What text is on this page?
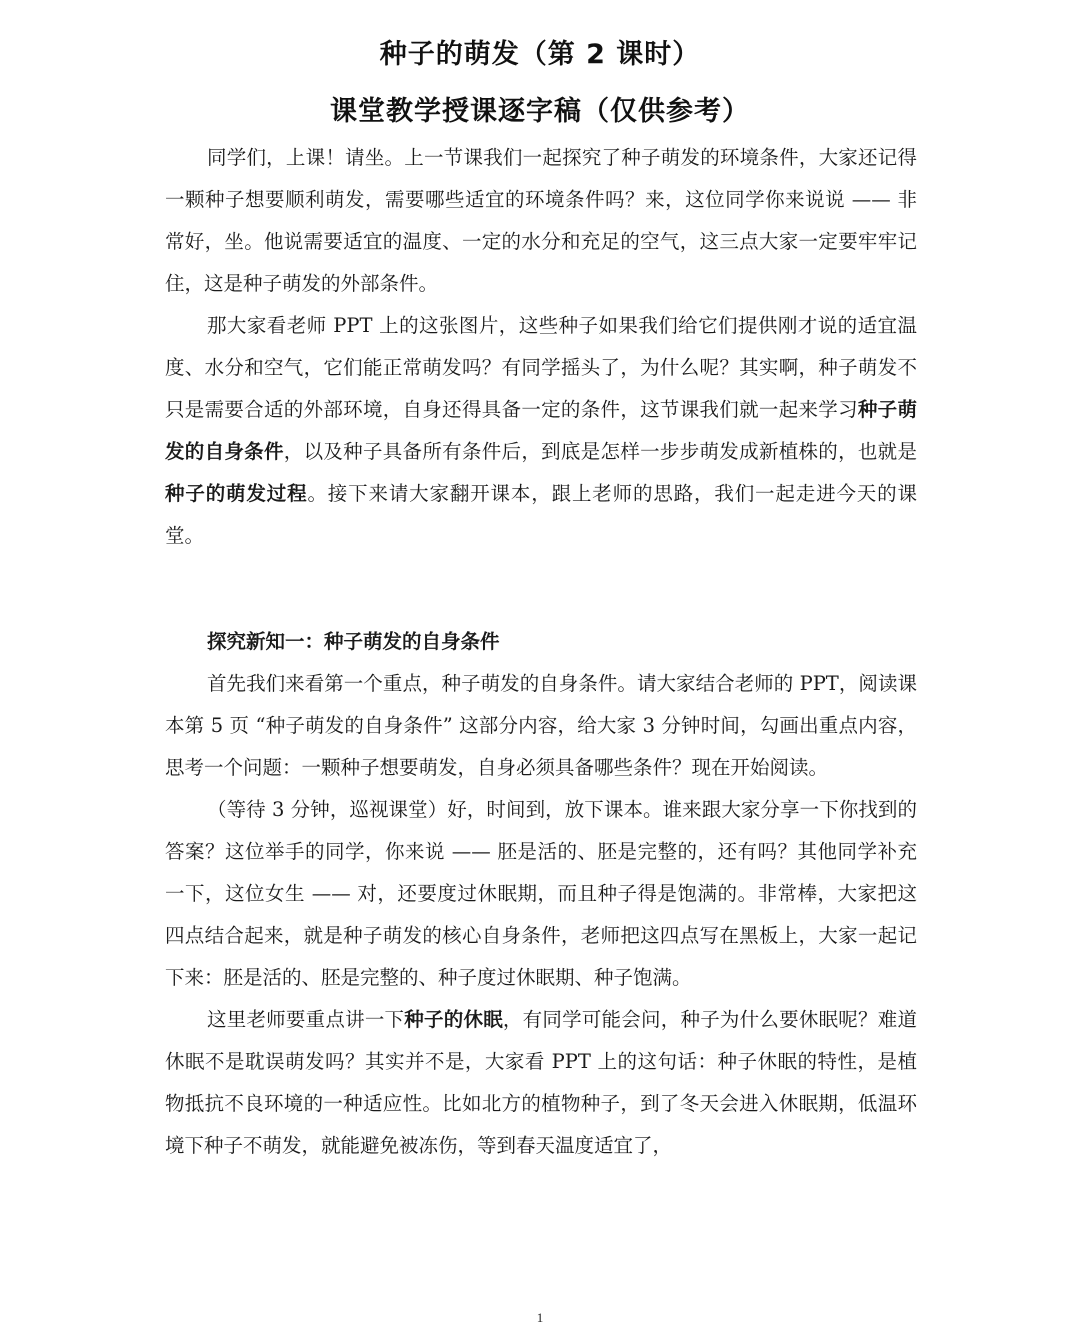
种子的萌发（第 2 课时）
课堂教学授课逐字稿（仅供参考）

同学们，上课！请坐。上一节课我们一起探究了种子萌发的环境条件，大家还记得一颗种子想要顺利萌发，需要哪些适宜的环境条件吗？来，这位同学你来说说 —— 非常好，坐。他说需要适宜的温度、一定的水分和充足的空气，这三点大家一定要牢牢记住，这是种子萌发的外部条件。

那大家看老师 PPT 上的这张图片，这些种子如果我们给它们提供刚才说的适宜温度、水分和空气，它们能正常萌发吗？有同学摇头了，为什么呢？其实啊，种子萌发不只是需要合适的外部环境，自身还得具备一定的条件，这节课我们就一起来学习种子萌发的自身条件，以及种子具备所有条件后，到底是怎样一步步萌发成新植株的，也就是种子的萌发过程。接下来请大家翻开课本，跟上老师的思路，我们一起走进今天的课堂。

探究新知一：种子萌发的自身条件

首先我们来看第一个重点，种子萌发的自身条件。请大家结合老师的 PPT，阅读课本第 5 页 “种子萌发的自身条件” 这部分内容，给大家 3 分钟时间，勾画出重点内容，思考一个问题：一颗种子想要萌发，自身必须具备哪些条件？现在开始阅读。

（等待 3 分钟，巡视课堂）好，时间到，放下课本。谁来跟大家分享一下你找到的答案？这位举手的同学，你来说 —— 胚是活的、胚是完整的，还有吗？其他同学补充一下，这位女生 —— 对，还要度过休眠期，而且种子得是饱满的。非常棒，大家把这四点结合起来，就是种子萌发的核心自身条件，老师把这四点写在黑板上，大家一起记下来：胚是活的、胚是完整的、种子度过休眠期、种子饱满。

这里老师要重点讲一下种子的休眠，有同学可能会问，种子为什么要休眠呢？难道休眠不是耽误萌发吗？其实并不是，大家看 PPT 上的这句话：种子休眠的特性，是植物抵抗不良环境的一种适应性。比如北方的植物种子，到了冬天会进入休眠期，低温环境下种子不萌发，就能避免被冻伤，等到春天温度适宜了，

1
